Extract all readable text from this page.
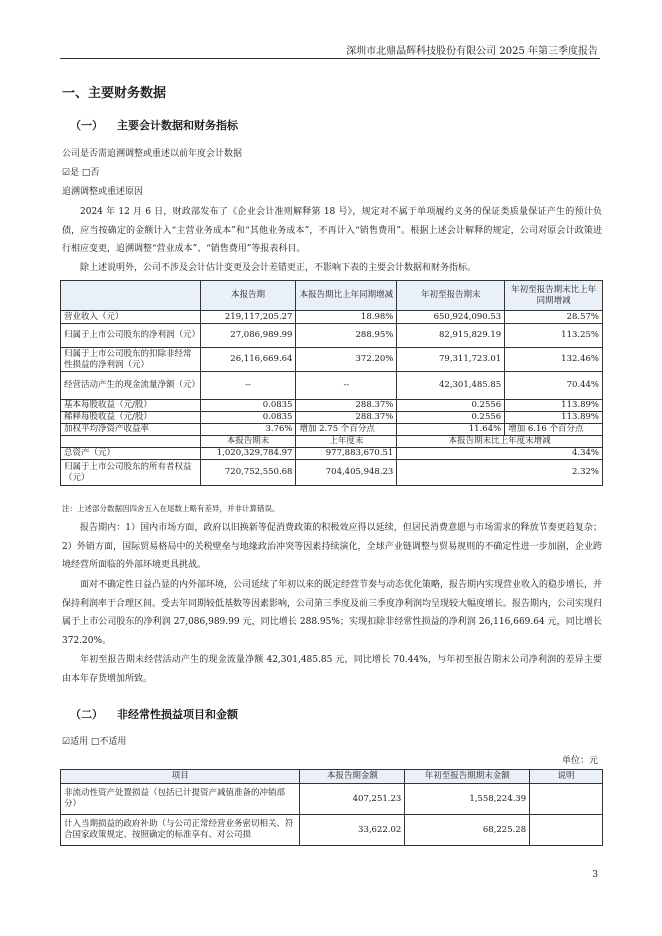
深圳市北鼎晶辉科技股份有限公司 2025 年第三季度报告
一、主要财务数据
（一） 主要会计数据和财务指标
公司是否需追溯调整或重述以前年度会计数据
☑是 □否
追溯调整或重述原因
2024 年 12 月 6 日，财政部发布了《企业会计准则解释第 18 号》，规定对不属于单项履约义务的保证类质量保证产生的预计负债，应当按确定的金额计入“主营业务成本”和“其他业务成本”，不再计入“销售费用”。根据上述会计解释的规定，公司对原会计政策进行相应变更，追溯调整“营业成本”、“销售费用”等报表科目。
除上述说明外，公司不涉及会计估计变更及会计差错更正，不影响下表的主要会计数据和财务指标。
	本报告期	本报告期比上年同期增减	年初至报告期末	年初至报告期末比上年同期增减
营业收入（元）	219,117,205.27	18.98%	650,924,090.53	28.57%
归属于上市公司股东的净利润（元）	27,086,989.99	288.95%	82,915,829.19	113.25%
归属于上市公司股东的扣除非经常性损益的净利润（元）	26,116,669.64	372.20%	79,311,723.01	132.46%
经营活动产生的现金流量净额（元）	--	--	42,301,485.85	70.44%
基本每股收益（元/股）	0.0835	288.37%	0.2556	113.89%
稀释每股收益（元/股）	0.0835	288.37%	0.2556	113.89%
加权平均净资产收益率	3.76%	增加 2.75 个百分点	11.64%	增加 6.16 个百分点
	本报告期末	上年度末	本报告期末比上年度末增减	
总资产（元）	1,020,329,784.97	977,883,670.51	4.34%	
归属于上市公司股东的所有者权益（元）	720,752,550.68	704,405,948.23	2.32%	
注：上述部分数据因四舍五入在尾数上略有差异，并非计算错误。
报告期内：1）国内市场方面，政府以旧换新等促消费政策的积极效应得以延续，但居民消费意愿与市场需求的释放节奏更趋复杂；2）外销方面，国际贸易格局中的关税壁垒与地缘政治冲突等因素持续演化，全球产业链调整与贸易规则的不确定性进一步加剧，企业跨境经营所面临的外部环境更具挑战。
面对不确定性日益凸显的内外部环境，公司延续了年初以来的既定经营节奏与动态优化策略，报告期内实现营业收入的稳步增长，并保持利润率于合理区间。受去年同期较低基数等因素影响，公司第三季度及前三季度净利润均呈现较大幅度增长。报告期内，公司实现归属于上市公司股东的净利润 27,086,989.99 元，同比增长 288.95%；实现扣除非经常性损益的净利润 26,116,669.64 元，同比增长 372.20%。
年初至报告期末经营活动产生的现金流量净额 42,301,485.85 元，同比增长 70.44%，与年初至报告期末公司净利润的差异主要由本年存货增加所致。
（二） 非经常性损益项目和金额
☑适用 □不适用
单位：元
项目	本报告期金额	年初至报告期期末金额	说明
非流动性资产处置损益（包括已计提资产减值准备的冲销部分）	407,251.23	1,558,224.39	
计入当期损益的政府补助（与公司正常经营业务密切相关、符合国家政策规定、按照确定的标准享有、对公司损	33,622.02	68,225.28	
3
